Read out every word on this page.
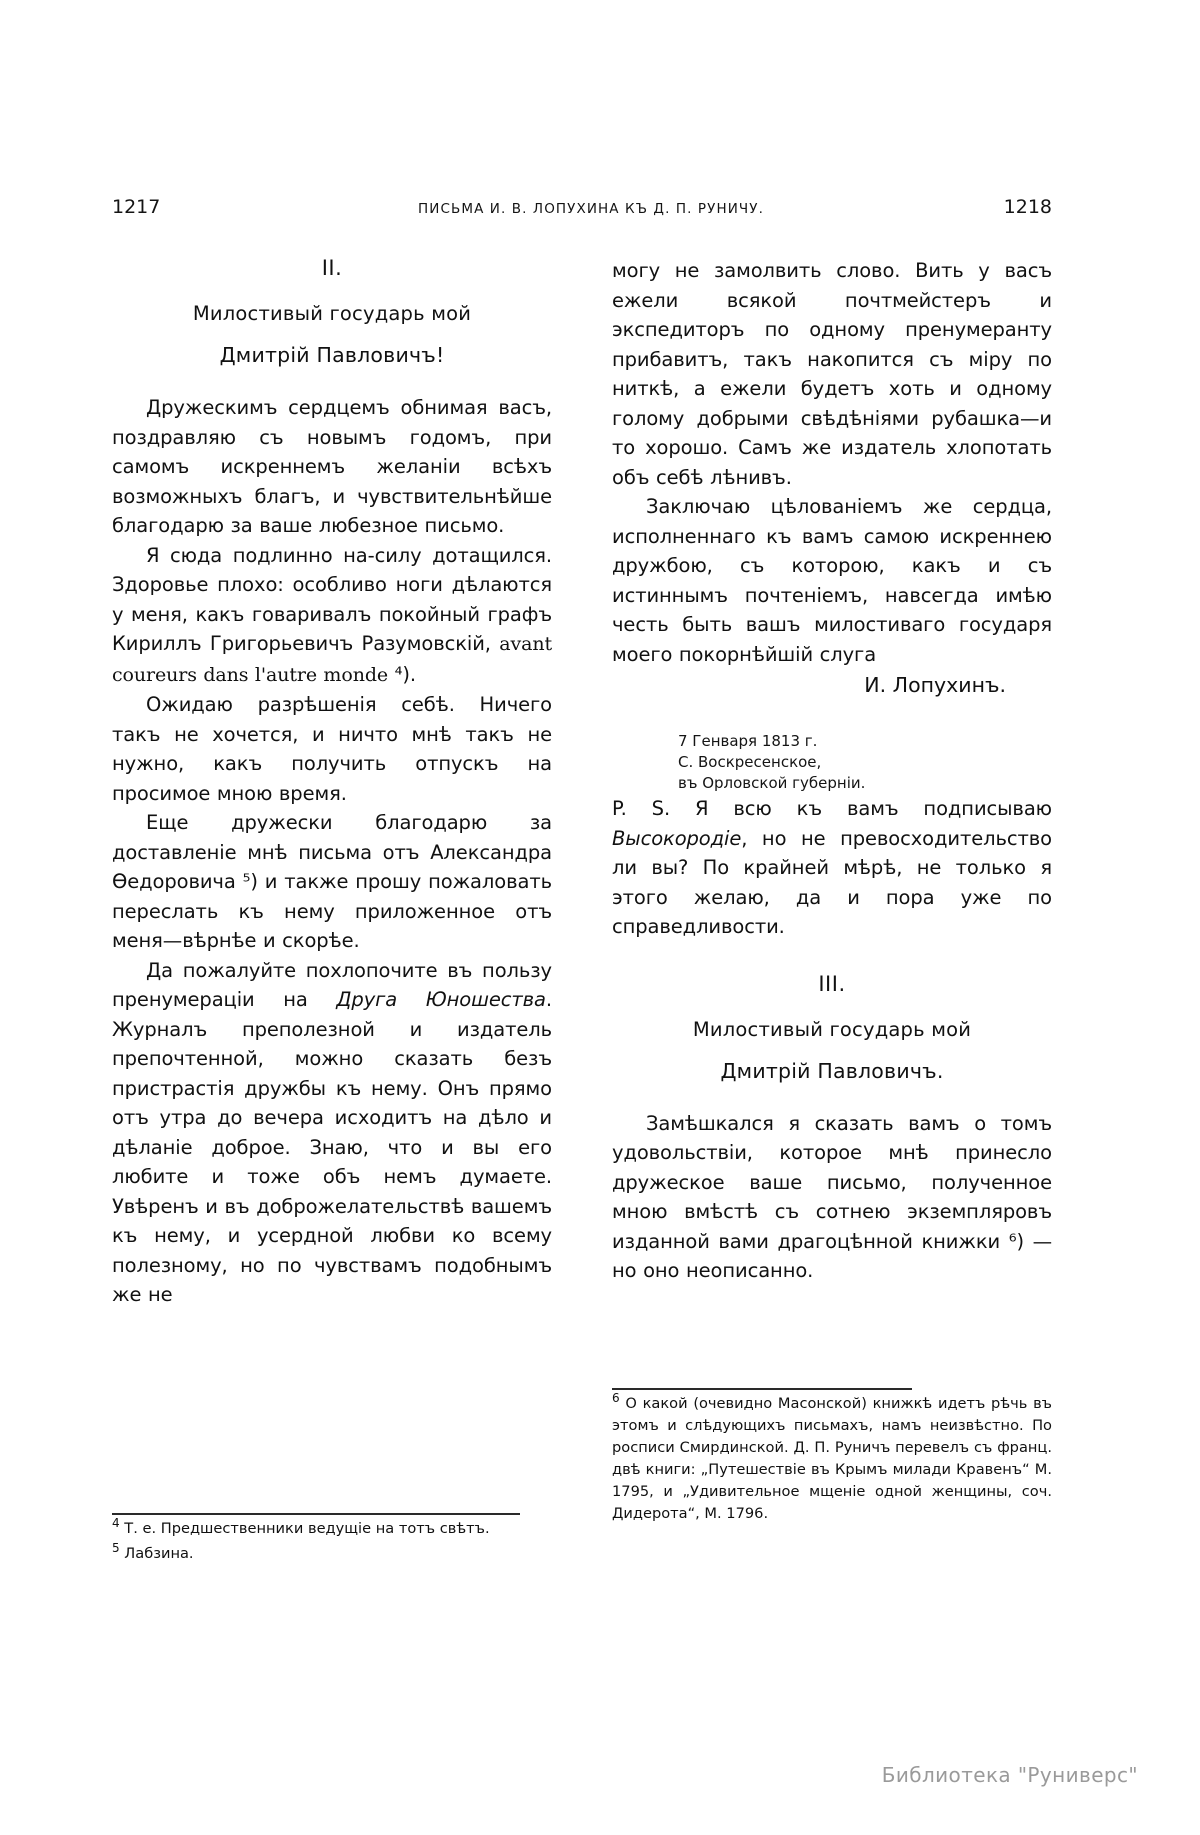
1217	ПИСЬМА И. В. ЛОПУХИНА КЪ Д. П. РУНИЧУ.	1218
II.
Милостивый государь мой
Дмитрій Павловичъ!

Дружескимъ сердцемъ обнимая васъ, поздравляю съ новымъ годомъ, при самомъ искреннемъ желаніи всѣхъ возможныхъ благъ, и чувствительнѣйше благодарю за ваше любезное письмо.

Я сюда подлинно на-силу дотащился. Здоровье плохо: особливо ноги дѣлаются у меня, какъ говаривалъ покойный графъ Кириллъ Григорьевичъ Разумовскій, avant coureurs dans l'autre monde ⁴).

Ожидаю разрѣшенія себѣ. Ничего такъ не хочется, и ничто мнѣ такъ не нужно, какъ получить отпускъ на просимое мною время.

Еще дружески благодарю за доставленіе мнѣ письма отъ Александра Ѳедоровича ⁵) и также прошу пожаловать переслать къ нему приложенное отъ меня—вѣрнѣе и скорѣе.

Да пожалуйте похлопочите въ пользу пренумераціи на Друга Юношества. Журналъ преполезной и издатель препочтенной, можно сказать безъ пристрастія дружбы къ нему. Онъ прямо отъ утра до вечера исходитъ на дѣло и дѣланіе доброе. Знаю, что и вы его любите и тоже объ немъ думаете. Увѣренъ и въ доброжелательствѣ вашемъ къ нему, и усердной любви ко всему полезному, но по чувствамъ подобнымъ же не

могу не замолвить слово. Вить у васъ ежели всякой почтмейстеръ и экспедиторъ по одному пренумеранту прибавитъ, такъ накопится съ міру по ниткѣ, а ежели будетъ хоть и одному голому добрыми свѣдѣніями рубашка—и то хорошо. Самъ же издатель хлопотать объ себѣ лѣнивъ.

Заключаю цѣлованіемъ же сердца, исполненнаго къ вамъ самою искреннею дружбою, съ которою, какъ и съ истиннымъ почтеніемъ, навсегда имѣю честь быть вашъ милостиваго государя моего покорнѣйшій слуга

И. Лопухинъ.
7 Генваря 1813 г.
С. Воскресенское,
въ Орловской губерніи.

P. S. Я всю къ вамъ подписываю Высокородіе, но не превосходительство ли вы? По крайней мѣрѣ, не только я этого желаю, да и пора уже по справедливости.

III.
Милостивый государь мой
Дмитрій Павловичъ.

Замѣшкался я сказать вамъ о томъ удовольствіи, которое мнѣ принесло дружеское ваше письмо, полученное мною вмѣстѣ съ сотнею экземпляровъ изданной вами драгоцѣнной книжки ⁶) —но оно неописанно.

$^4$ Т. е. Предшественники ведущіе на тотъ свѣтъ.

$^5$ Лабзина.

$^6$ О какой (очевидно Масонской) книжкѣ идетъ рѣчь въ этомъ и слѣдующихъ письмахъ, намъ неизвѣстно. По росписи Смирдинской. Д. П. Руничъ перевелъ съ франц. двѣ книги: „Путешествіе въ Крымъ милади Кравенъ“ М. 1795, и „Удивительное мщеніе одной женщины, соч. Дидерота“, М. 1796.

Библиотека "Руниверс"
